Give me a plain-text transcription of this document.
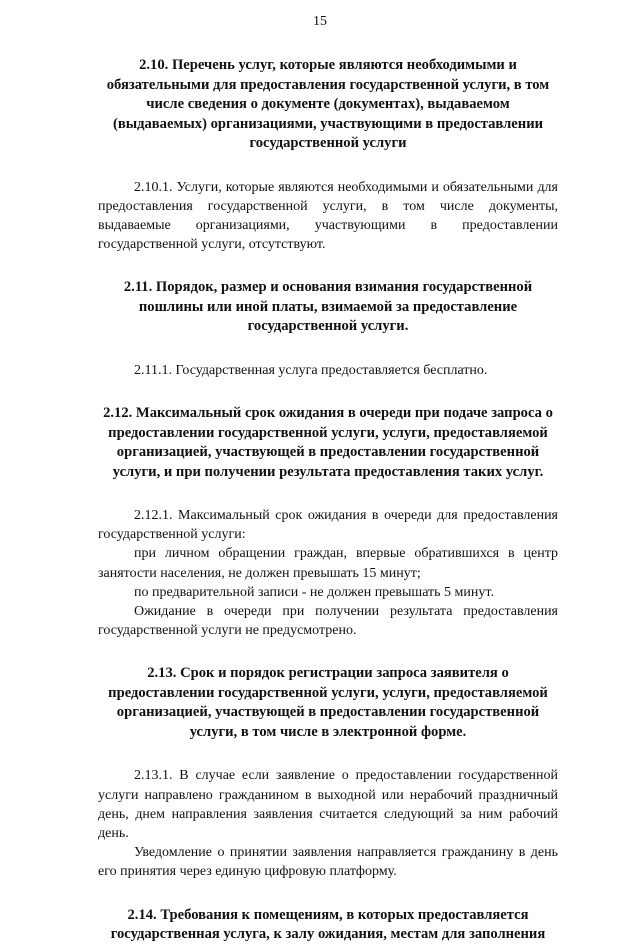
15

2.10. Перечень услуг, которые являются необходимыми и обязательными для предоставления государственной услуги, в том числе сведения о документе (документах), выдаваемом (выдаваемых) организациями, участвующими в предоставлении государственной услуги

2.10.1. Услуги, которые являются необходимыми и обязательными для предоставления государственной услуги, в том числе документы, выдаваемые организациями, участвующими в предоставлении государственной услуги, отсутствуют.

2.11. Порядок, размер и основания взимания государственной пошлины или иной платы, взимаемой за предоставление государственной услуги.

2.11.1. Государственная услуга предоставляется бесплатно.

2.12. Максимальный срок ожидания в очереди при подаче запроса о предоставлении государственной услуги, услуги, предоставляемой организацией, участвующей в предоставлении государственной услуги, и при получении результата предоставления таких услуг.

2.12.1. Максимальный срок ожидания в очереди для предоставления государственной услуги:

при личном обращении граждан, впервые обратившихся в центр занятости населения, не должен превышать 15 минут;

по предварительной записи - не должен превышать 5 минут.

Ожидание в очереди при получении результата предоставления государственной услуги не предусмотрено.

2.13. Срок и порядок регистрации запроса заявителя о предоставлении государственной услуги, услуги, предоставляемой организацией, участвующей в предоставлении государственной услуги, в том числе в электронной форме.

2.13.1. В случае если заявление о предоставлении государственной услуги направлено гражданином в выходной или нерабочий праздничный день, днем направления заявления считается следующий за ним рабочий день.

Уведомление о принятии заявления направляется гражданину в день его принятия через единую цифровую платформу.

2.14. Требования к помещениям, в которых предоставляется государственная услуга, к залу ожидания, местам для заполнения
